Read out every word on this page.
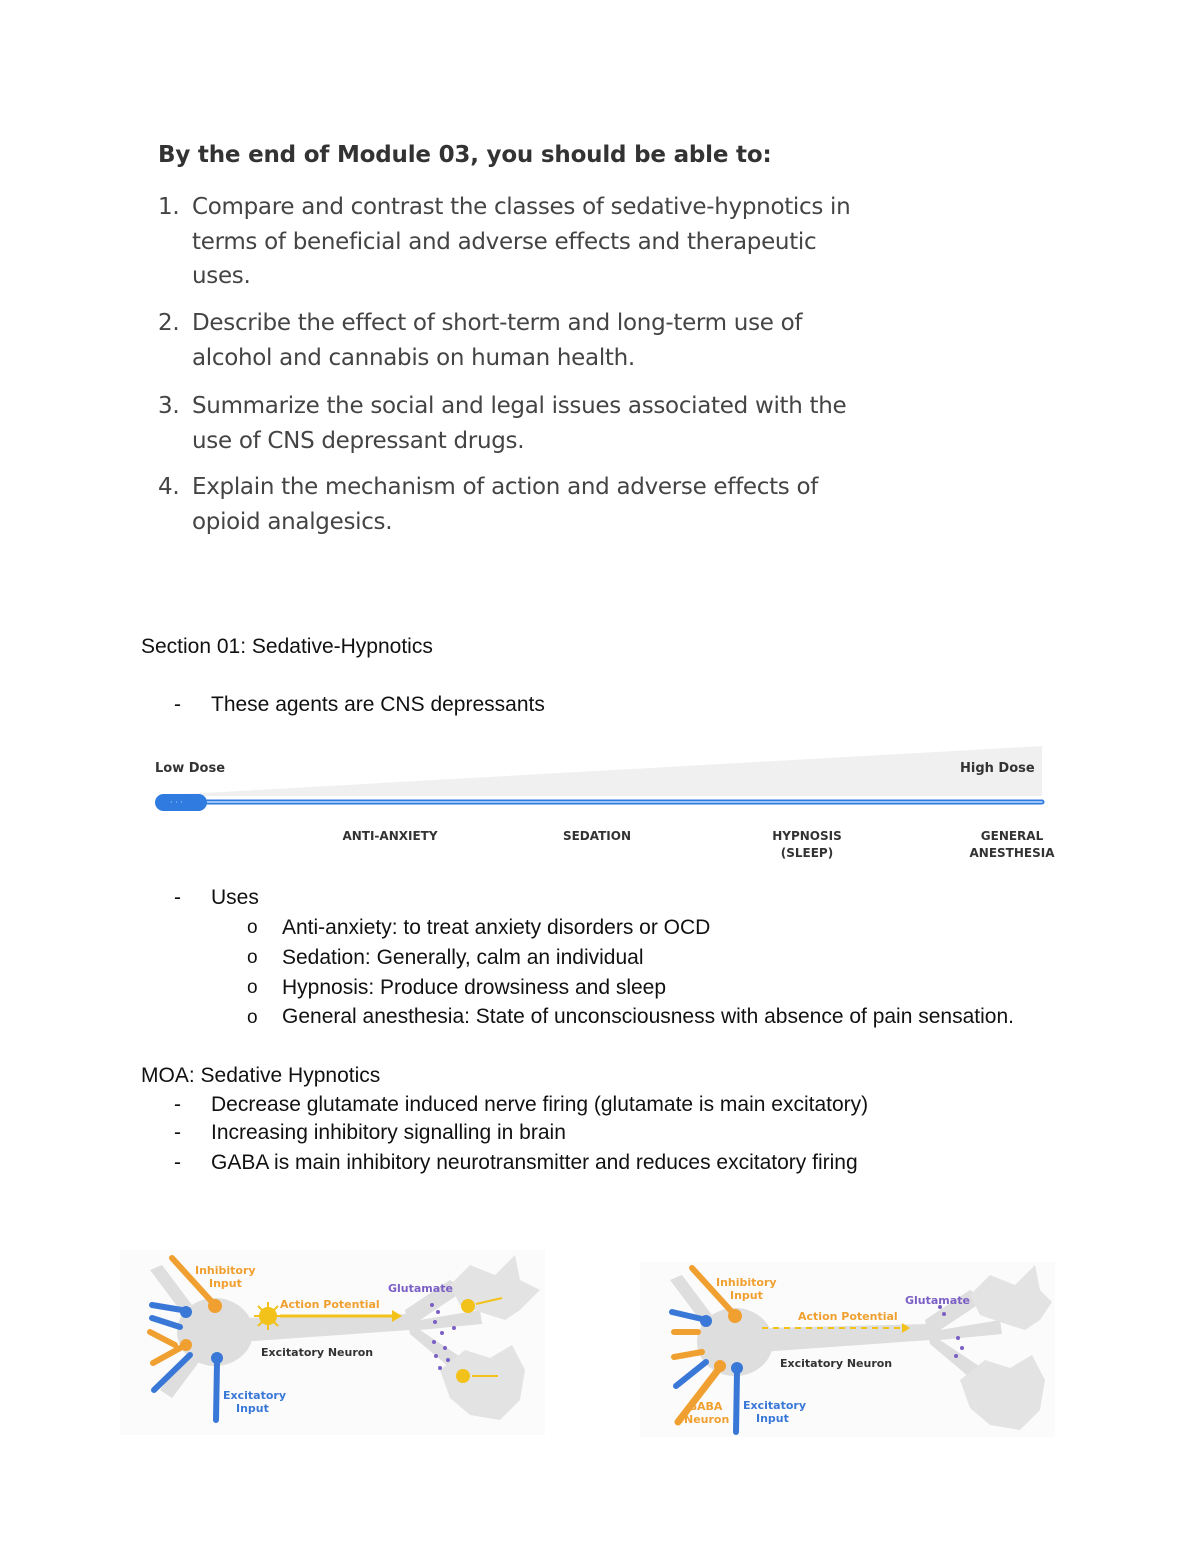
By the end of Module 03, you should be able to:
1. Compare and contrast the classes of sedative-hypnotics in terms of beneficial and adverse effects and therapeutic uses.
2. Describe the effect of short-term and long-term use of alcohol and cannabis on human health.
3. Summarize the social and legal issues associated with the use of CNS depressant drugs.
4. Explain the mechanism of action and adverse effects of opioid analgesics.
Section 01: Sedative-Hypnotics
- These agents are CNS depressants
· · ·
Low Dose	High Dose
ANTI-ANXIETY	SEDATION	HYPNOSIS
(SLEEP)
GENERAL
ANESTHESIA
- Uses
o Anti-anxiety: to treat anxiety disorders or OCD
o Sedation: Generally, calm an individual
o Hypnosis: Produce drowsiness and sleep
o General anesthesia: State of unconsciousness with absence of pain sensation.
MOA: Sedative Hypnotics
- Decrease glutamate induced nerve firing (glutamate is main excitatory)
- Increasing inhibitory signalling in brain
- GABA is main inhibitory neurotransmitter and reduces excitatory firing
Inhibitory
Input
Action Potential
Glutamate
Excitatory Neuron
Excitatory
Input
Inhibitory
Input
Action Potential
Glutamate
Excitatory Neuron
GABA
Neuron
Excitatory
Input
